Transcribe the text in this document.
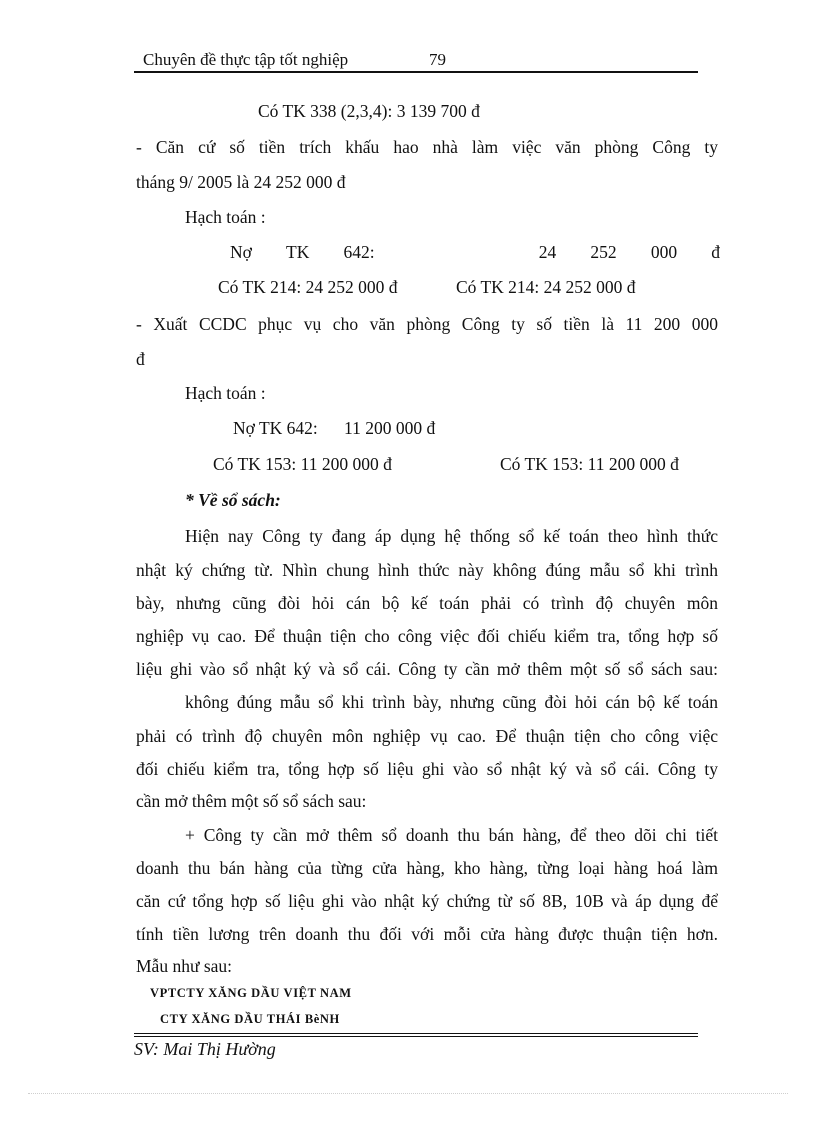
Chuyên đề thực tập tốt nghiệp	79
Có TK 338 (2,3,4): 3 139 700 đ
- Căn cứ số tiền trích khấu hao nhà làm việc văn phòng Công ty
tháng 9/ 2005 là 24 252 000 đ
Hạch toán :
Nợ TK 642:	24 252 000 đ
Có TK 214: 24 252 000 đ	Có TK 214: 24 252 000 đ
- Xuất CCDC phục vụ cho văn phòng Công ty số tiền là 11 200 000
đ
Hạch toán :
Nợ TK 642:      11 200 000 đ
Có TK 153: 11 200 000 đ	Có TK 153: 11 200 000 đ
* Về sổ sách:
Hiện nay Công ty đang áp dụng hệ thống sổ kế toán theo hình thức
nhật ký chứng từ. Nhìn chung hình thức này không đúng mẫu sổ khi trình
bày, nhưng cũng đòi hỏi cán bộ kế toán phải có trình độ chuyên môn
nghiệp vụ cao. Để thuận tiện cho công việc đối chiếu kiểm tra, tổng hợp số
liệu ghi vào sổ nhật ký và sổ cái. Công ty cần mở thêm một số sổ sách sau:
không đúng mẫu sổ khi trình bày, nhưng cũng đòi hỏi cán bộ kế toán
phải có trình độ chuyên môn nghiệp vụ cao. Để thuận tiện cho công việc
đối chiếu kiểm tra, tổng hợp số liệu ghi vào sổ nhật ký và sổ cái. Công ty
cần mở thêm một số sổ sách sau:
+ Công ty cần mở thêm sổ doanh thu bán hàng, để theo dõi chi tiết
doanh thu bán hàng của từng cửa hàng, kho hàng, từng loại hàng hoá làm
căn cứ tổng hợp số liệu ghi vào nhật ký chứng từ số 8B, 10B và áp dụng để
tính tiền lương trên doanh thu đối với mỗi cửa hàng được thuận tiện hơn.
Mẫu như sau:
VPTCTY XĂNG DẦU VIỆT NAM
CTY XĂNG DẦU THÁI BèNH
SV: Mai Thị Hường
